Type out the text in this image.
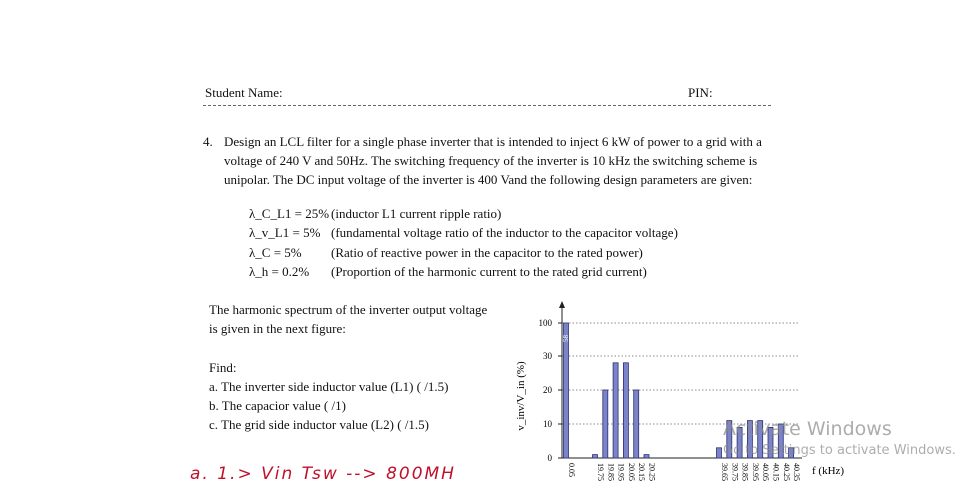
Student Name:	PIN:
4. Design an LCL filter for a single phase inverter that is intended to inject 6 kW of power to a grid with a voltage of 240 V and 50Hz. The switching frequency of the inverter is 10 kHz the switching scheme is unipolar. The DC input voltage of the inverter is 400 Vand the following design parameters are given:
λ_C_L1 = 25% (inductor L1 current ripple ratio)
λ_v_L1 = 5% (fundamental voltage ratio of the inductor to the capacitor voltage)
λ_C = 5% (Ratio of reactive power in the capacitor to the rated power)
λ_h = 0.2% (Proportion of the harmonic current to the rated grid current)
The harmonic spectrum of the inverter output voltage is given in the next figure:
Find:
a. The inverter side inductor value (L1) ( /1.5)
b. The capacior value ( /1)
c. The grid side inductor value (L2) ( /1.5)
0
10
20
30
100
0.05	19.75 19.85 19.95 20.05 20.15 20.25	39.65 39.75 39.85 39.95 40.05 40.15 40.25 40.35
v_inv/V_in (%)
f (kHz)
58
a. 1.> Vin Tsw --> 800MH
Activate Windows
Go to Settings to activate Windows.
